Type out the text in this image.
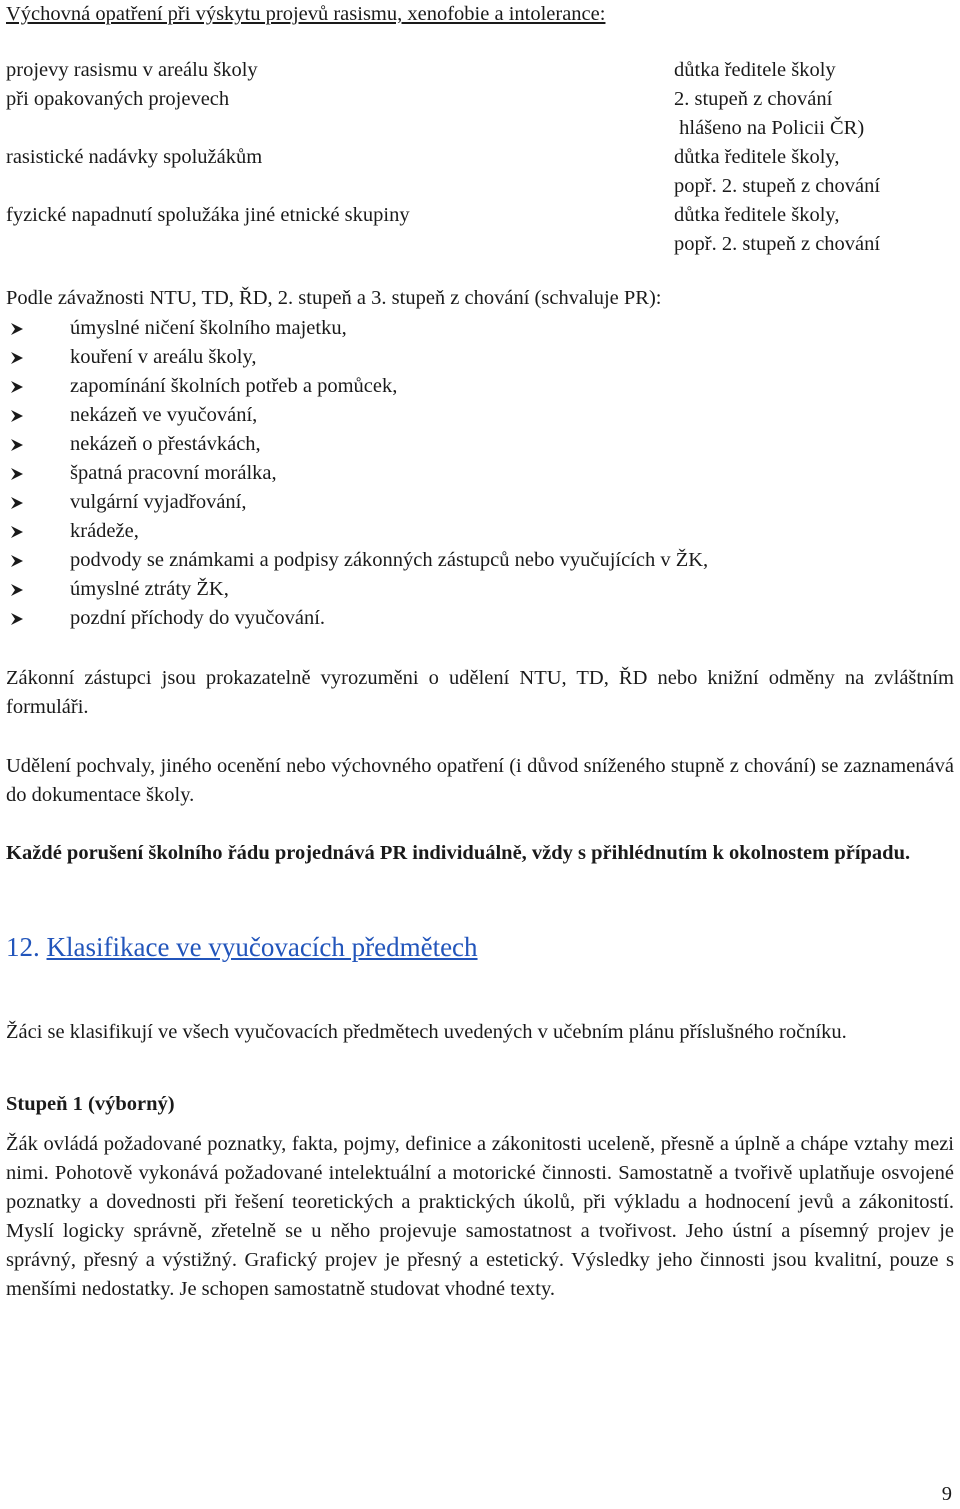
Výchovná opatření při výskytu projevů rasismu, xenofobie a intolerance:
projevy rasismu v areálu školy	důtka ředitele školy
při opakovaných projevech	2. stupeň z chování
hlášeno na Policii ČR)
rasistické nadávky spolužákům	důtka ředitele školy,
popř. 2. stupeň z chování
fyzické napadnutí spolužáka jiné etnické skupiny	důtka ředitele školy,
popř. 2. stupeň z chování
Podle závažnosti NTU, TD, ŘD, 2. stupeň a 3. stupeň z chování (schvaluje PR):
úmyslné ničení školního majetku,
kouření v areálu školy,
zapomínání školních potřeb a pomůcek,
nekázeň ve vyučování,
nekázeň o přestávkách,
špatná pracovní morálka,
vulgární vyjadřování,
krádeže,
podvody se známkami a podpisy zákonných zástupců nebo vyučujících v ŽK,
úmyslné ztráty ŽK,
pozdní příchody do vyučování.
Zákonní zástupci jsou prokazatelně vyrozuměni o udělení NTU, TD, ŘD nebo knižní odměny na zvláštním formuláři.
Udělení pochvaly, jiného ocenění nebo výchovného opatření (i důvod sníženého stupně z chování) se zaznamenává do dokumentace školy.
Každé porušení školního řádu projednává PR individuálně, vždy s přihlédnutím k okolnostem případu.
12. Klasifikace ve vyučovacích předmětech
Žáci se klasifikují ve všech vyučovacích předmětech uvedených v učebním plánu příslušného ročníku.
Stupeň 1 (výborný)
Žák ovládá požadované poznatky, fakta, pojmy, definice a zákonitosti uceleně, přesně a úplně a chápe vztahy mezi nimi. Pohotově vykonává požadované intelektuální a motorické činnosti. Samostatně a tvořivě uplatňuje osvojené poznatky a dovednosti při řešení teoretických a praktických úkolů, při výkladu a hodnocení jevů a zákonitostí. Myslí logicky správně, zřetelně se u něho projevuje samostatnost a tvořivost. Jeho ústní a písemný projev je správný, přesný a výstižný. Grafický projev je přesný a estetický. Výsledky jeho činnosti jsou kvalitní, pouze s menšími nedostatky. Je schopen samostatně studovat vhodné texty.
9
